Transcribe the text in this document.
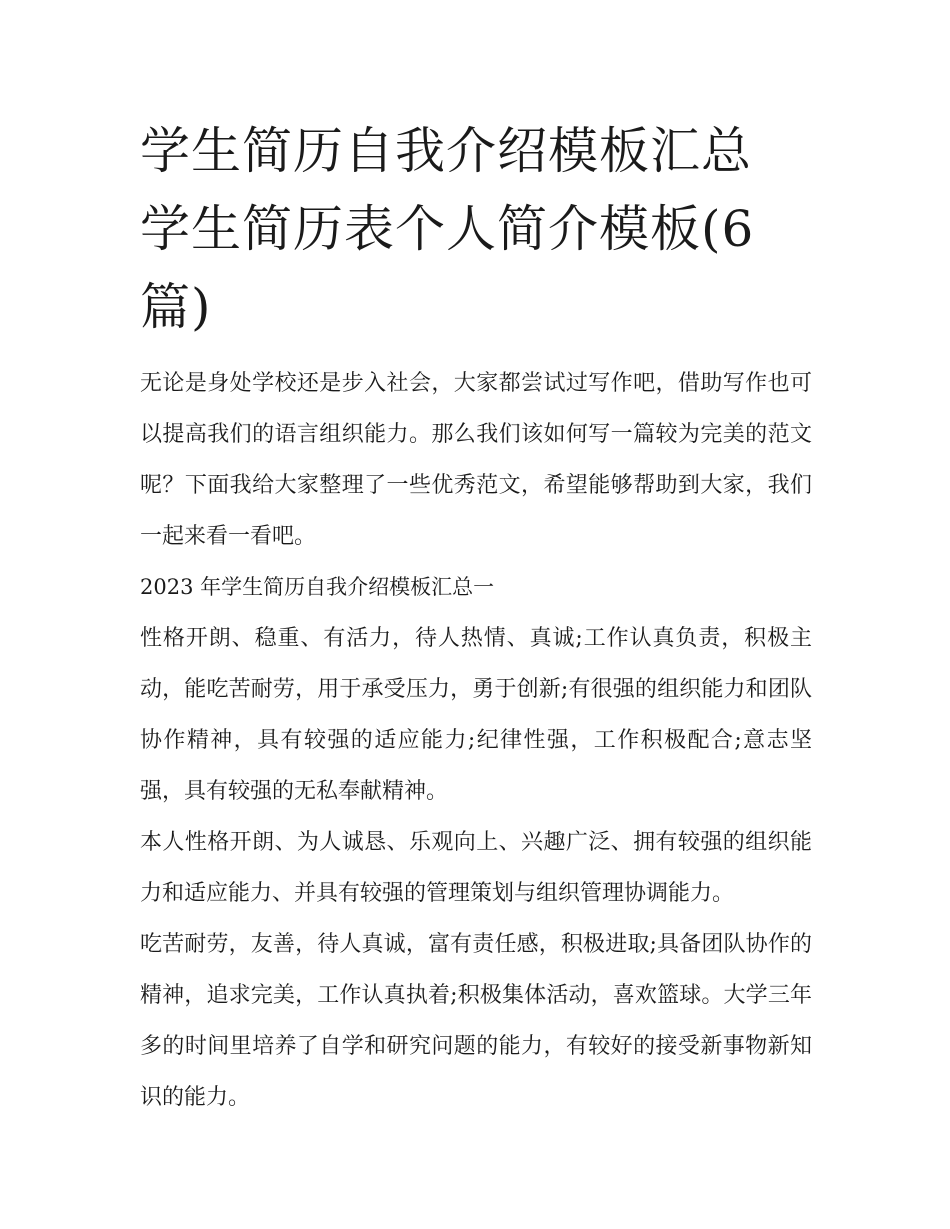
学生简历自我介绍模板汇总 学生简历表个人简介模板(6 篇)

无论是身处学校还是步入社会，大家都尝试过写作吧，借助写作也可以提高我们的语言组织能力。那么我们该如何写一篇较为完美的范文呢？下面我给大家整理了一些优秀范文，希望能够帮助到大家，我们一起来看一看吧。

2023 年学生简历自我介绍模板汇总一

性格开朗、稳重、有活力，待人热情、真诚;工作认真负责，积极主动，能吃苦耐劳，用于承受压力，勇于创新;有很强的组织能力和团队协作精神，具有较强的适应能力;纪律性强，工作积极配合;意志坚强，具有较强的无私奉献精神。

本人性格开朗、为人诚恳、乐观向上、兴趣广泛、拥有较强的组织能力和适应能力、并具有较强的管理策划与组织管理协调能力。

吃苦耐劳，友善，待人真诚，富有责任感，积极进取;具备团队协作的精神，追求完美，工作认真执着;积极集体活动，喜欢篮球。大学三年多的时间里培养了自学和研究问题的能力，有较好的接受新事物新知识的能力。
